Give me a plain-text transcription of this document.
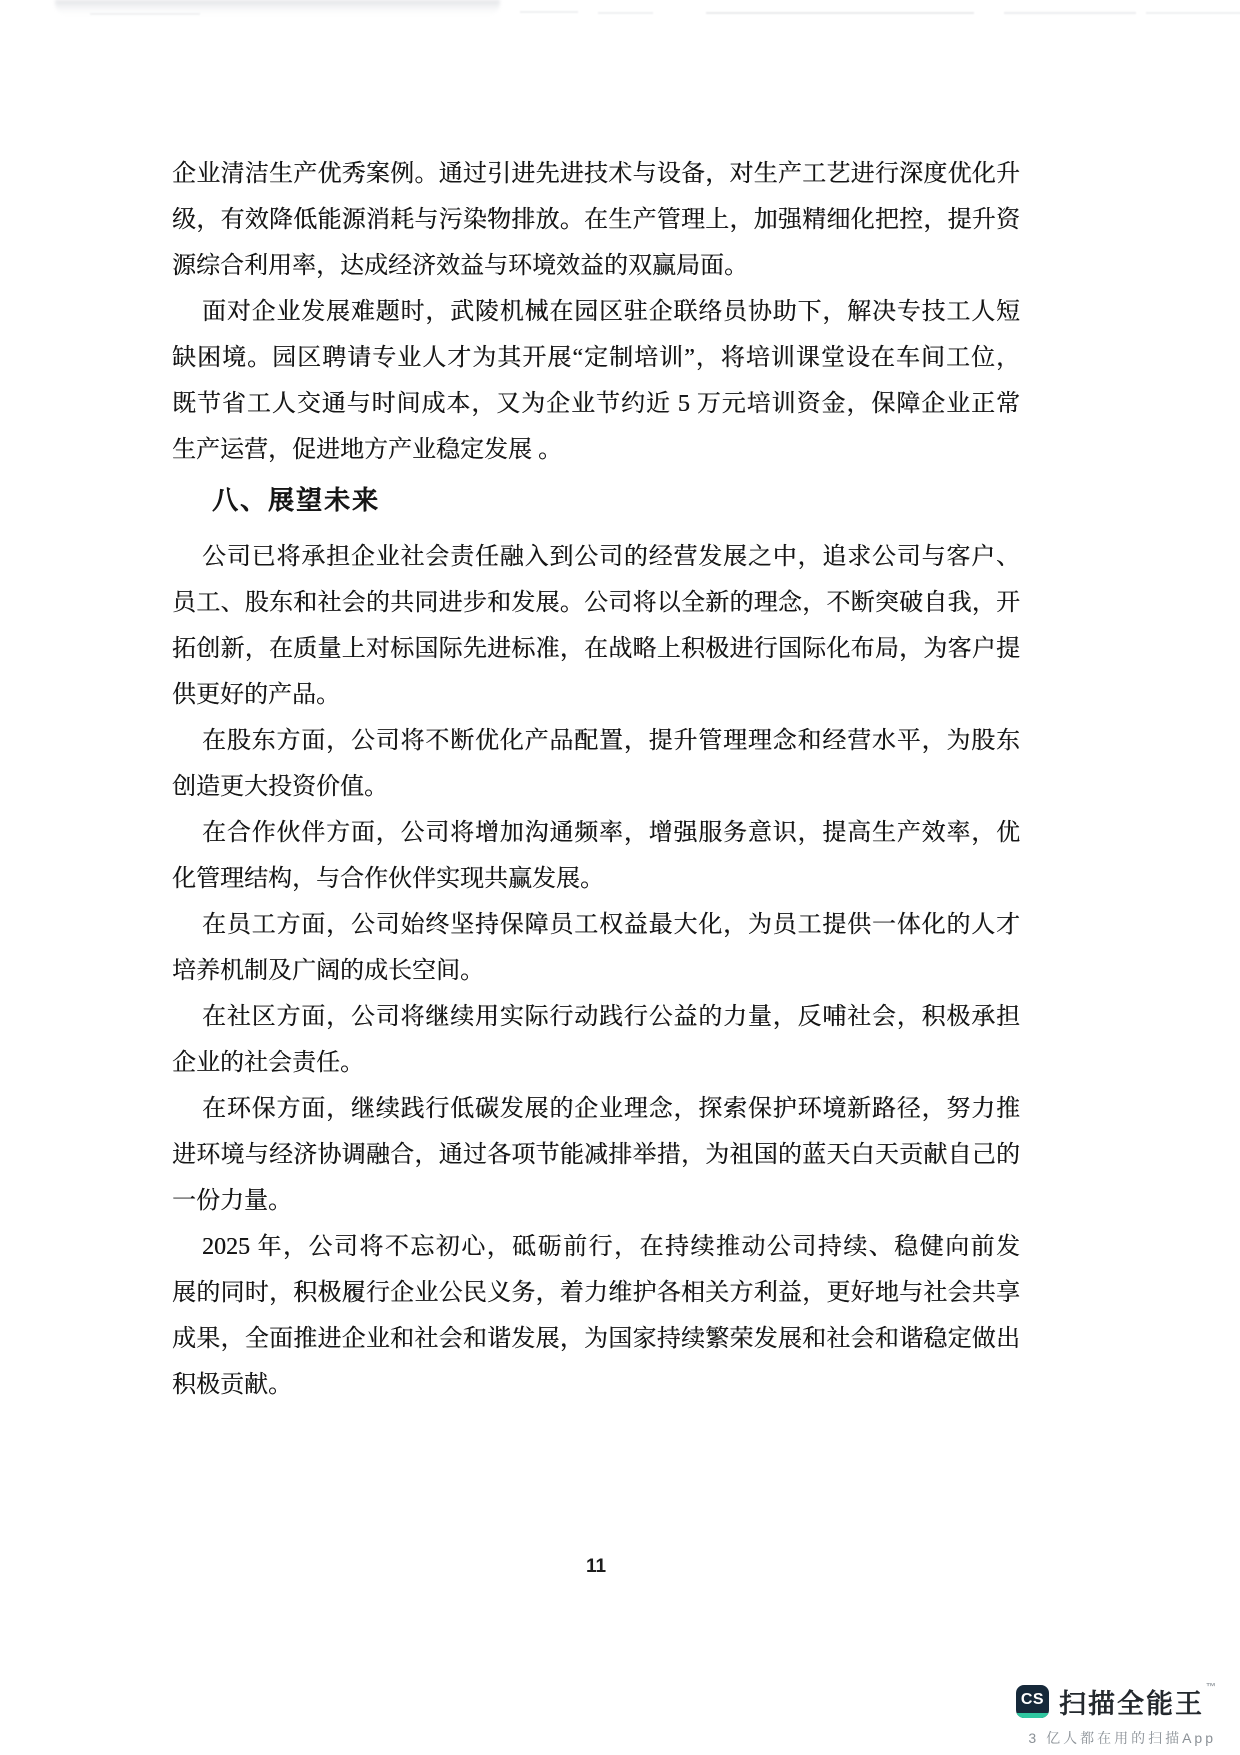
企业清洁生产优秀案例。通过引进先进技术与设备，对生产工艺进行深度优化升
级，有效降低能源消耗与污染物排放。在生产管理上，加强精细化把控，提升资
源综合利用率，达成经济效益与环境效益的双赢局面。
面对企业发展难题时，武陵机械在园区驻企联络员协助下，解决专技工人短
缺困境。园区聘请专业人才为其开展“定制培训”，将培训课堂设在车间工位，
既节省工人交通与时间成本，又为企业节约近 5 万元培训资金，保障企业正常
生产运营，促进地方产业稳定发展 。
八、展望未来
公司已将承担企业社会责任融入到公司的经营发展之中，追求公司与客户、
员工、股东和社会的共同进步和发展。公司将以全新的理念，不断突破自我，开
拓创新，在质量上对标国际先进标准，在战略上积极进行国际化布局，为客户提
供更好的产品。
在股东方面，公司将不断优化产品配置，提升管理理念和经营水平，为股东
创造更大投资价值。
在合作伙伴方面，公司将增加沟通频率，增强服务意识，提高生产效率，优
化管理结构，与合作伙伴实现共赢发展。
在员工方面，公司始终坚持保障员工权益最大化，为员工提供一体化的人才
培养机制及广阔的成长空间。
在社区方面，公司将继续用实际行动践行公益的力量，反哺社会，积极承担
企业的社会责任。
在环保方面，继续践行低碳发展的企业理念，探索保护环境新路径，努力推
进环境与经济协调融合，通过各项节能减排举措，为祖国的蓝天白天贡献自己的
一份力量。
2025 年，公司将不忘初心，砥砺前行，在持续推动公司持续、稳健向前发
展的同时，积极履行企业公民义务，着力维护各相关方利益，更好地与社会共享
成果，全面推进企业和社会和谐发展，为国家持续繁荣发展和社会和谐稳定做出
积极贡献。
11
CS 扫描全能王™
3 亿人都在用的扫描App
